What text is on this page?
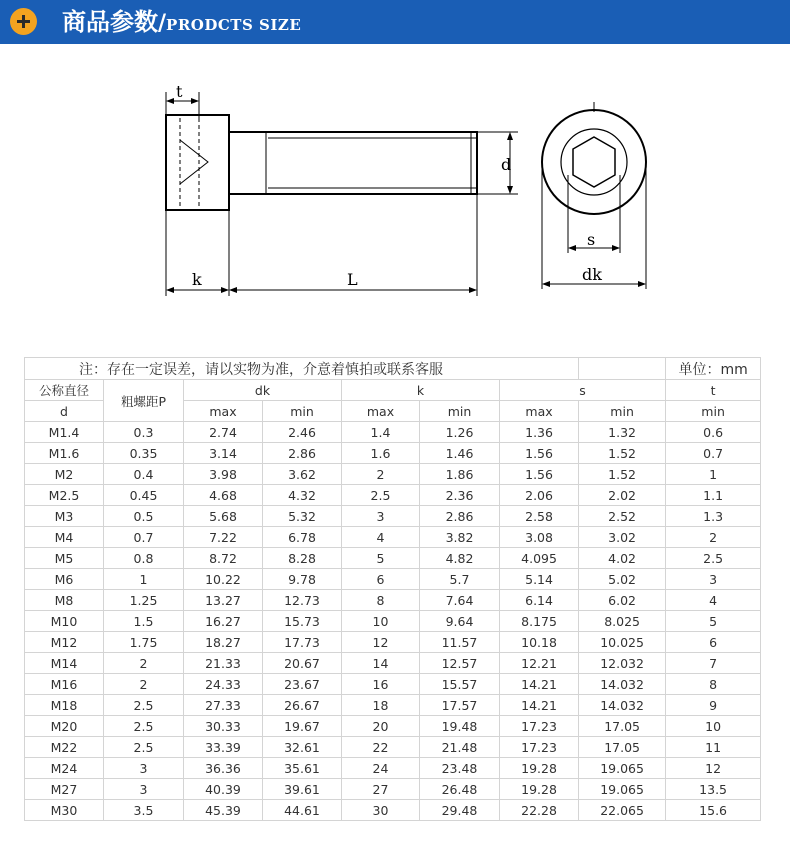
商品参数/PRODCTS SIZE
t
k	L
d
s
dk
注：存在一定误差，请以实物为准，介意着慎拍或联系客服								单位：mm
公称直径	粗螺距P	dk		k		s		t
d		max	min	max	min	max	min	min
M1.4	0.3	2.74	2.46	1.4	1.26	1.36	1.32	0.6
M1.6	0.35	3.14	2.86	1.6	1.46	1.56	1.52	0.7
M2	0.4	3.98	3.62	2	1.86	1.56	1.52	1
M2.5	0.45	4.68	4.32	2.5	2.36	2.06	2.02	1.1
M3	0.5	5.68	5.32	3	2.86	2.58	2.52	1.3
M4	0.7	7.22	6.78	4	3.82	3.08	3.02	2
M5	0.8	8.72	8.28	5	4.82	4.095	4.02	2.5
M6	1	10.22	9.78	6	5.7	5.14	5.02	3
M8	1.25	13.27	12.73	8	7.64	6.14	6.02	4
M10	1.5	16.27	15.73	10	9.64	8.175	8.025	5
M12	1.75	18.27	17.73	12	11.57	10.18	10.025	6
M14	2	21.33	20.67	14	12.57	12.21	12.032	7
M16	2	24.33	23.67	16	15.57	14.21	14.032	8
M18	2.5	27.33	26.67	18	17.57	14.21	14.032	9
M20	2.5	30.33	19.67	20	19.48	17.23	17.05	10
M22	2.5	33.39	32.61	22	21.48	17.23	17.05	11
M24	3	36.36	35.61	24	23.48	19.28	19.065	12
M27	3	40.39	39.61	27	26.48	19.28	19.065	13.5
M30	3.5	45.39	44.61	30	29.48	22.28	22.065	15.6
